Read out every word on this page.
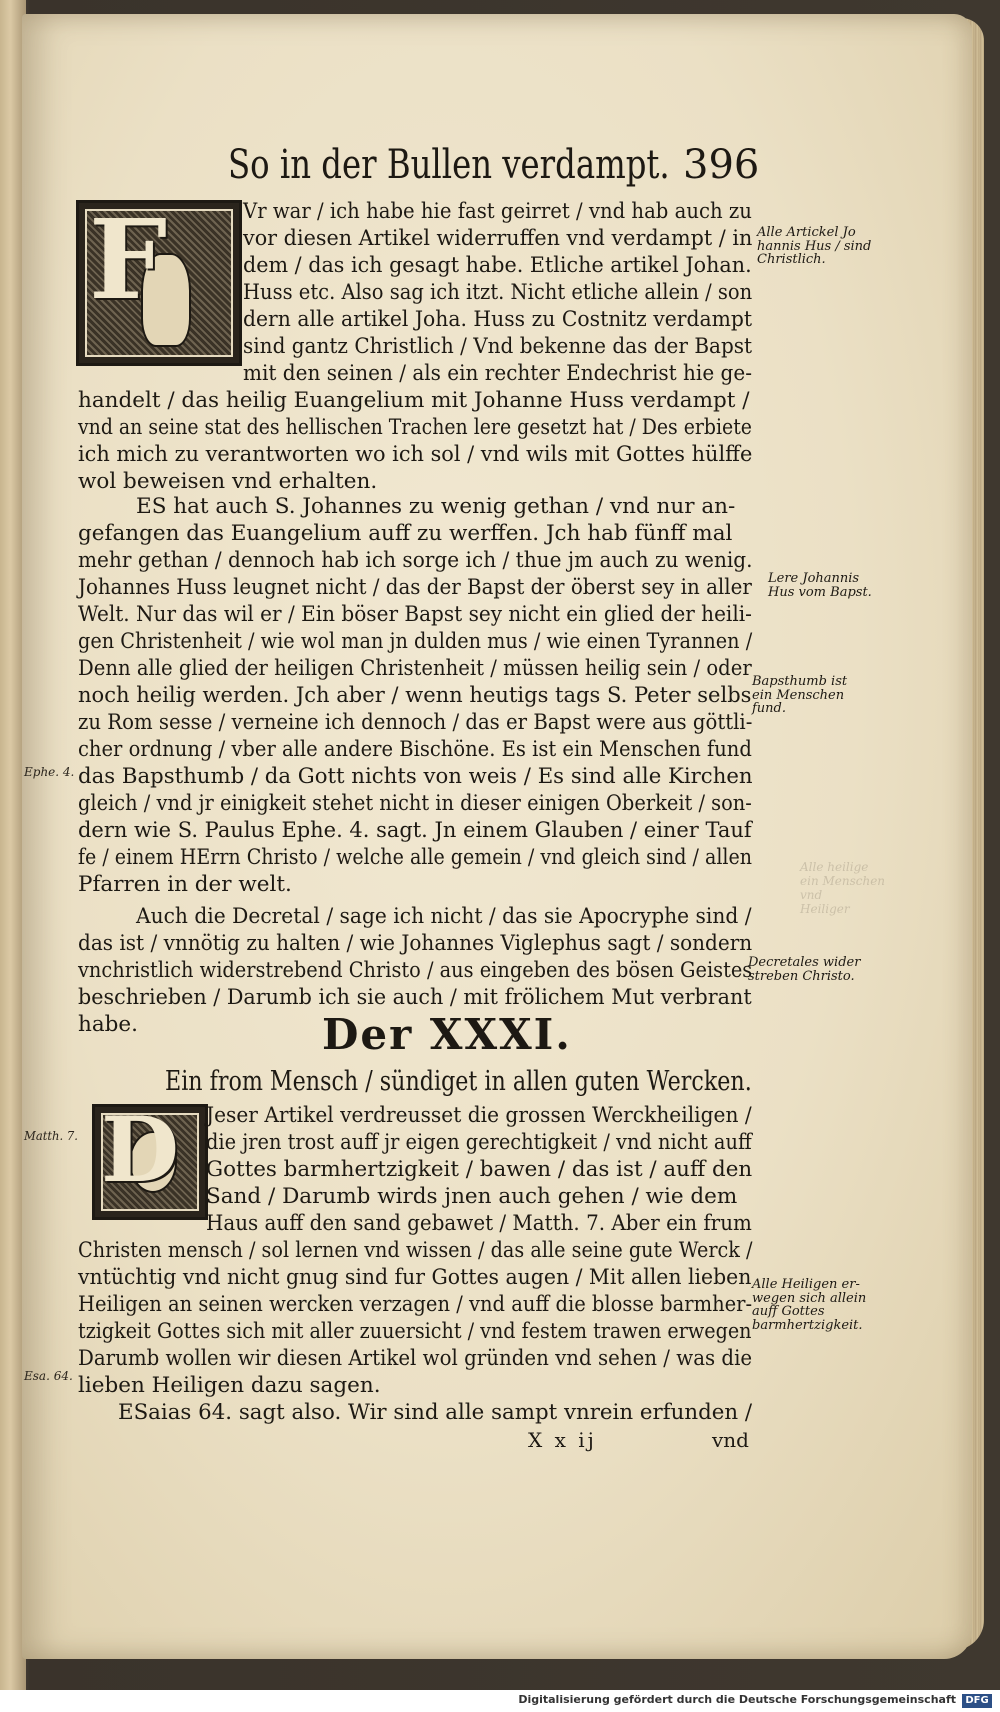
Alle heilige
ein Menschen
vnd
Heiliger
So in der Bullen verdampt. 396
F	Vr war / ich habe hie fast geirret / vnd hab auch zu
vor diesen Artikel widerruffen vnd verdampt / in
dem / das ich gesagt habe. Etliche artikel Johan.
Huss etc. Also sag ich itzt. Nicht etliche allein / son
dern alle artikel Joha. Huss zu Costnitz verdampt
sind gantz Christlich / Vnd bekenne das der Bapst
mit den seinen / als ein rechter Endechrist hie ge-
handelt / das heilig Euangelium mit Johanne Huss verdampt /
vnd an seine stat des hellischen Trachen lere gesetzt hat / Des erbiete
ich mich zu verantworten wo ich sol / vnd wils mit Gottes hülffe
wol beweisen vnd erhalten.
Alle Artickel Jo
hannis Hus / sind
Christlich.
ES hat auch S. Johannes zu wenig gethan / vnd nur an-
gefangen das Euangelium auff zu werffen. Jch hab fünff mal
mehr gethan / dennoch hab ich sorge ich / thue jm auch zu wenig.
Johannes Huss leugnet nicht / das der Bapst der öberst sey in aller
Welt. Nur das wil er / Ein böser Bapst sey nicht ein glied der heili-
gen Christenheit / wie wol man jn dulden mus / wie einen Tyrannen /
Denn alle glied der heiligen Christenheit / müssen heilig sein / oder
noch heilig werden. Jch aber / wenn heutigs tags S. Peter selbs
zu Rom sesse / verneine ich dennoch / das er Bapst were aus göttli-
cher ordnung / vber alle andere Bischöne. Es ist ein Menschen fund
das Bapsthumb / da Gott nichts von weis / Es sind alle Kirchen
gleich / vnd jr einigkeit stehet nicht in dieser einigen Oberkeit / son-
dern wie S. Paulus Ephe. 4. sagt. Jn einem Glauben / einer Tauf
fe / einem HErrn Christo / welche alle gemein / vnd gleich sind / allen
Pfarren in der welt.
Lere Johannis
Hus vom Bapst.
Bapsthumb ist
ein Menschen
fund.
Ephe. 4.
Auch die Decretal / sage ich nicht / das sie Apocryphe sind /
das ist / vnnötig zu halten / wie Johannes Viglephus sagt / sondern
vnchristlich widerstrebend Christo / aus eingeben des bösen Geistes
beschrieben / Darumb ich sie auch / mit frölichem Mut verbrant
habe.
Decretales wider
streben Christo.
Der XXXI.
Ein from Mensch / sündiget in allen guten Wercken.
D Jeser Artikel verdreusset die grossen Werckheiligen /
die jren trost auff jr eigen gerechtigkeit / vnd nicht auff
Gottes barmhertzigkeit / bawen / das ist / auff den
Sand / Darumb wirds jnen auch gehen / wie dem
Haus auff den sand gebawet / Matth. 7. Aber ein frum
Christen mensch / sol lernen vnd wissen / das alle seine gute Werck /
vntüchtig vnd nicht gnug sind fur Gottes augen / Mit allen lieben
Heiligen an seinen wercken verzagen / vnd auff die blosse barmher-
tzigkeit Gottes sich mit aller zuuersicht / vnd festem trawen erwegen
Darumb wollen wir diesen Artikel wol gründen vnd sehen / was die
lieben Heiligen dazu sagen.
ESaias 64. sagt also. Wir sind alle sampt vnrein erfunden /
Matth. 7.
Esa. 64.
Alle Heiligen er-
wegen sich allein
auff Gottes
barmhertzigkeit.
X x ij	vnd
Digitalisierung gefördert durch die Deutsche Forschungsgemeinschaft DFG
